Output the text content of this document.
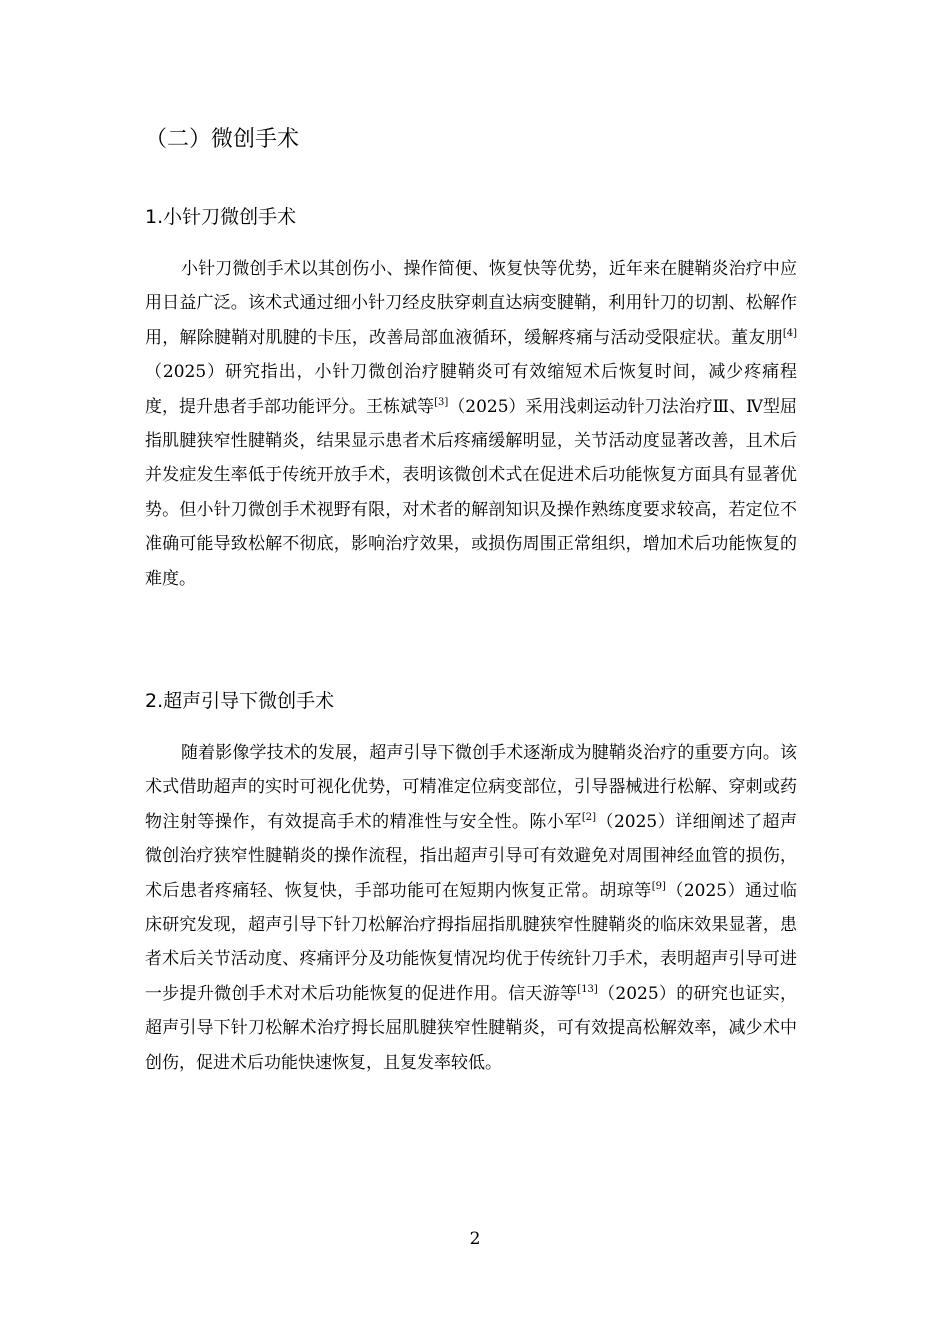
（二）微创手术
1.小针刀微创手术

小针刀微创手术以其创伤小、操作简便、恢复快等优势，近年来在腱鞘炎治疗中应用日益广泛。该术式通过细小针刀经皮肤穿刺直达病变腱鞘，利用针刀的切割、松解作用，解除腱鞘对肌腱的卡压，改善局部血液循环，缓解疼痛与活动受限症状。董友朋[4]（2025）研究指出，小针刀微创治疗腱鞘炎可有效缩短术后恢复时间，减少疼痛程度，提升患者手部功能评分。王栋斌等[3]（2025）采用浅刺运动针刀法治疗Ⅲ、Ⅳ型屈指肌腱狭窄性腱鞘炎，结果显示患者术后疼痛缓解明显，关节活动度显著改善，且术后并发症发生率低于传统开放手术，表明该微创术式在促进术后功能恢复方面具有显著优势。但小针刀微创手术视野有限，对术者的解剖知识及操作熟练度要求较高，若定位不准确可能导致松解不彻底，影响治疗效果，或损伤周围正常组织，增加术后功能恢复的难度。

2.超声引导下微创手术

随着影像学技术的发展，超声引导下微创手术逐渐成为腱鞘炎治疗的重要方向。该术式借助超声的实时可视化优势，可精准定位病变部位，引导器械进行松解、穿刺或药物注射等操作，有效提高手术的精准性与安全性。陈小军[2]（2025）详细阐述了超声微创治疗狭窄性腱鞘炎的操作流程，指出超声引导可有效避免对周围神经血管的损伤，术后患者疼痛轻、恢复快，手部功能可在短期内恢复正常。胡琼等[9]（2025）通过临床研究发现，超声引导下针刀松解治疗拇指屈指肌腱狭窄性腱鞘炎的临床效果显著，患者术后关节活动度、疼痛评分及功能恢复情况均优于传统针刀手术，表明超声引导可进一步提升微创手术对术后功能恢复的促进作用。信天游等[13]（2025）的研究也证实，超声引导下针刀松解术治疗拇长屈肌腱狭窄性腱鞘炎，可有效提高松解效率，减少术中创伤，促进术后功能快速恢复，且复发率较低。

2
